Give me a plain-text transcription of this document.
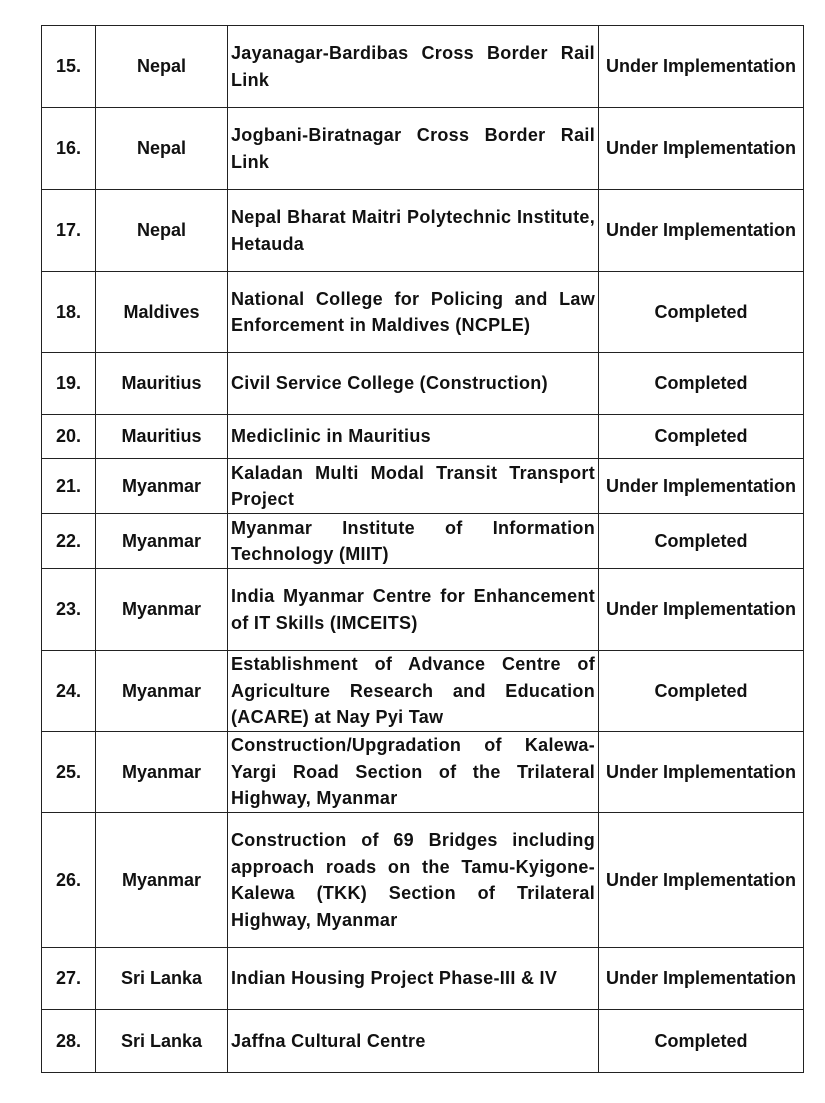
15.	Nepal	Jayanagar-Bardibas Cross Border Rail Link	Under Implementation
16.	Nepal	Jogbani-Biratnagar Cross Border Rail Link	Under Implementation
17.	Nepal	Nepal Bharat Maitri Polytechnic Institute, Hetauda	Under Implementation
18.	Maldives	National College for Policing and Law Enforcement in Maldives (NCPLE)	Completed
19.	Mauritius	Civil Service College (Construction)	Completed
20.	Mauritius	Mediclinic in Mauritius	Completed
21.	Myanmar	Kaladan Multi Modal Transit Transport Project	Under Implementation
22.	Myanmar	Myanmar Institute of Information Technology (MIIT)	Completed
23.	Myanmar	India Myanmar Centre for Enhancement of IT Skills (IMCEITS)	Under Implementation
24.	Myanmar	Establishment of Advance Centre of Agriculture Research and Education (ACARE) at Nay Pyi Taw	Completed
25.	Myanmar	Construction/Upgradation of Kalewa-Yargi Road Section of the Trilateral Highway, Myanmar	Under Implementation
26.	Myanmar	Construction of 69 Bridges including approach roads on the Tamu-Kyigone-Kalewa (TKK) Section of Trilateral Highway, Myanmar	Under Implementation
27.	Sri Lanka	Indian Housing Project Phase-III & IV	Under Implementation
28.	Sri Lanka	Jaffna Cultural Centre	Completed
